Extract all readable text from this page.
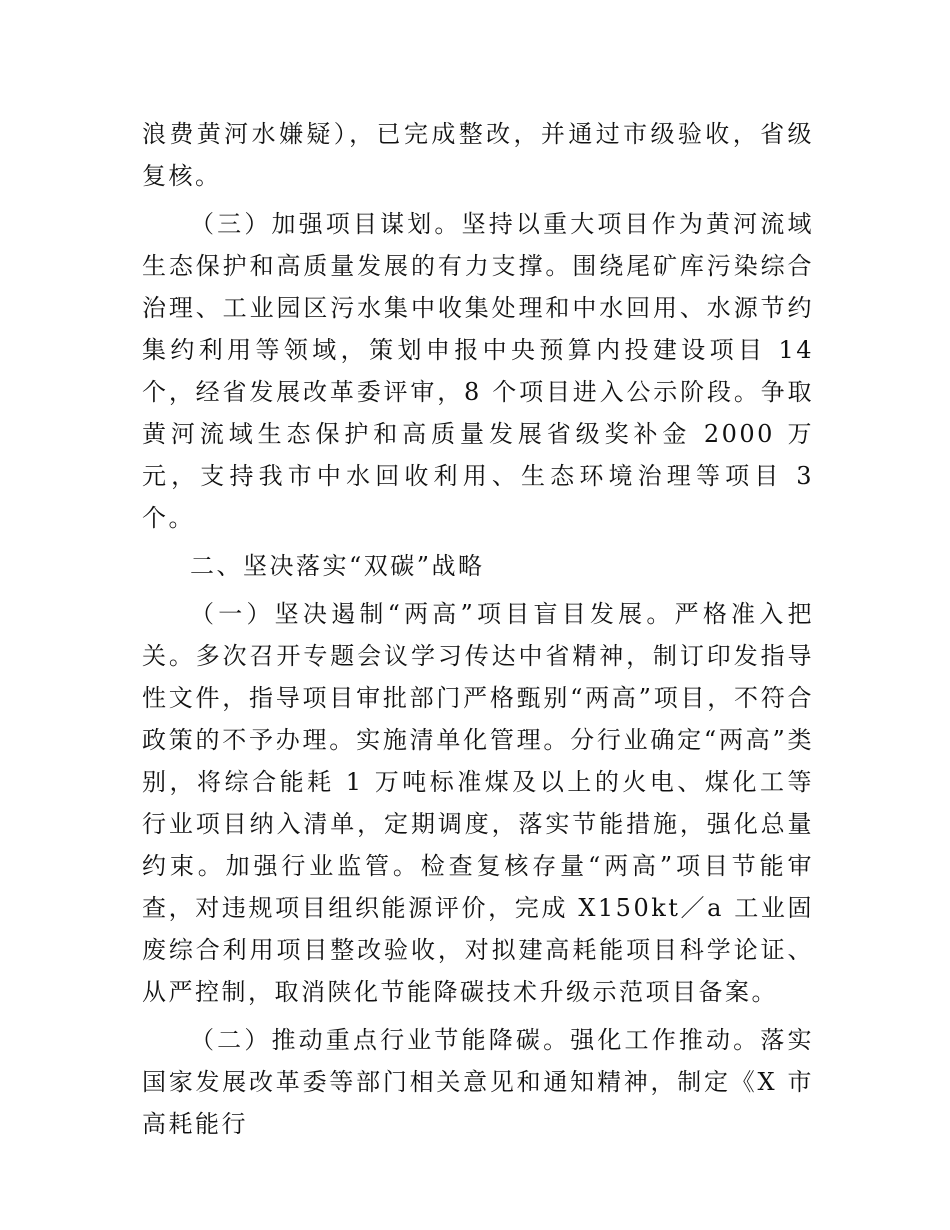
浪费黄河水嫌疑），已完成整改，并通过市级验收，省级复核。

（三）加强项目谋划。坚持以重大项目作为黄河流域生态保护和高质量发展的有力支撑。围绕尾矿库污染综合治理、工业园区污水集中收集处理和中水回用、水源节约集约利用等领域，策划申报中央预算内投建设项目 14 个，经省发展改革委评审，8 个项目进入公示阶段。争取黄河流域生态保护和高质量发展省级奖补金 2000 万元，支持我市中水回收利用、生态环境治理等项目 3 个。

二、坚决落实“双碳”战略

（一）坚决遏制“两高”项目盲目发展。严格准入把关。多次召开专题会议学习传达中省精神，制订印发指导性文件，指导项目审批部门严格甄别“两高”项目，不符合政策的不予办理。实施清单化管理。分行业确定“两高”类别，将综合能耗 1 万吨标准煤及以上的火电、煤化工等行业项目纳入清单，定期调度，落实节能措施，强化总量约束。加强行业监管。检查复核存量“两高”项目节能审查，对违规项目组织能源评价，完成 X150kt／a 工业固废综合利用项目整改验收，对拟建高耗能项目科学论证、从严控制，取消陕化节能降碳技术升级示范项目备案。

（二）推动重点行业节能降碳。强化工作推动。落实国家发展改革委等部门相关意见和通知精神，制定《X 市高耗能行
